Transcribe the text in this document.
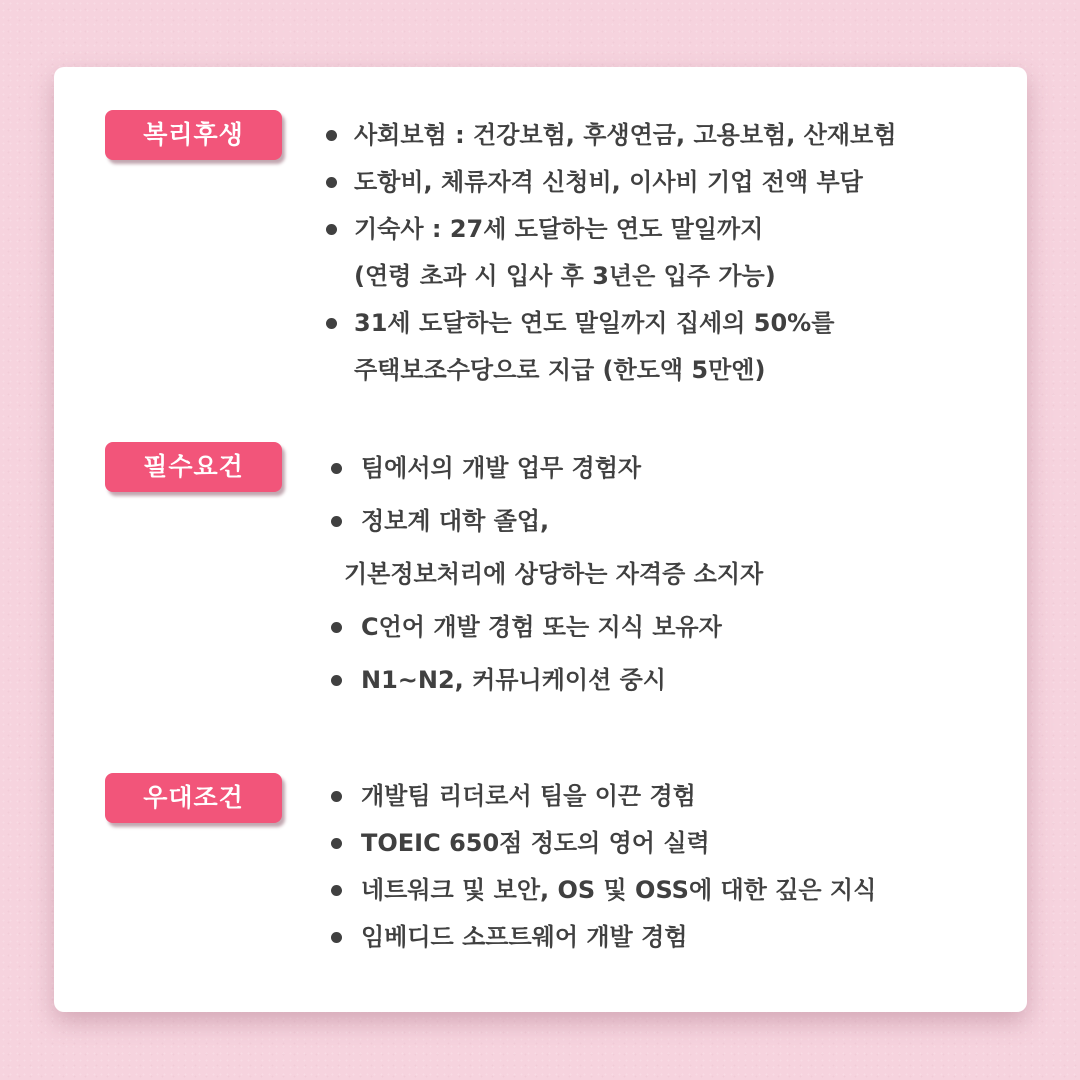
복리후생	사회보험 : 건강보험, 후생연금, 고용보험, 산재보험
도항비, 체류자격 신청비, 이사비 기업 전액 부담
기숙사 : 27세 도달하는 연도 말일까지
(연령 초과 시 입사 후 3년은 입주 가능)
31세 도달하는 연도 말일까지 집세의 50%를
주택보조수당으로 지급 (한도액 5만엔)
필수요건	팀에서의 개발 업무 경험자
정보계 대학 졸업,
기본정보처리에 상당하는 자격증 소지자
C언어 개발 경험 또는 지식 보유자
N1~N2, 커뮤니케이션 중시
우대조건	개발팀 리더로서 팀을 이끈 경험
TOEIC 650점 정도의 영어 실력
네트워크 및 보안, OS 및 OSS에 대한 깊은 지식
임베디드 소프트웨어 개발 경험
